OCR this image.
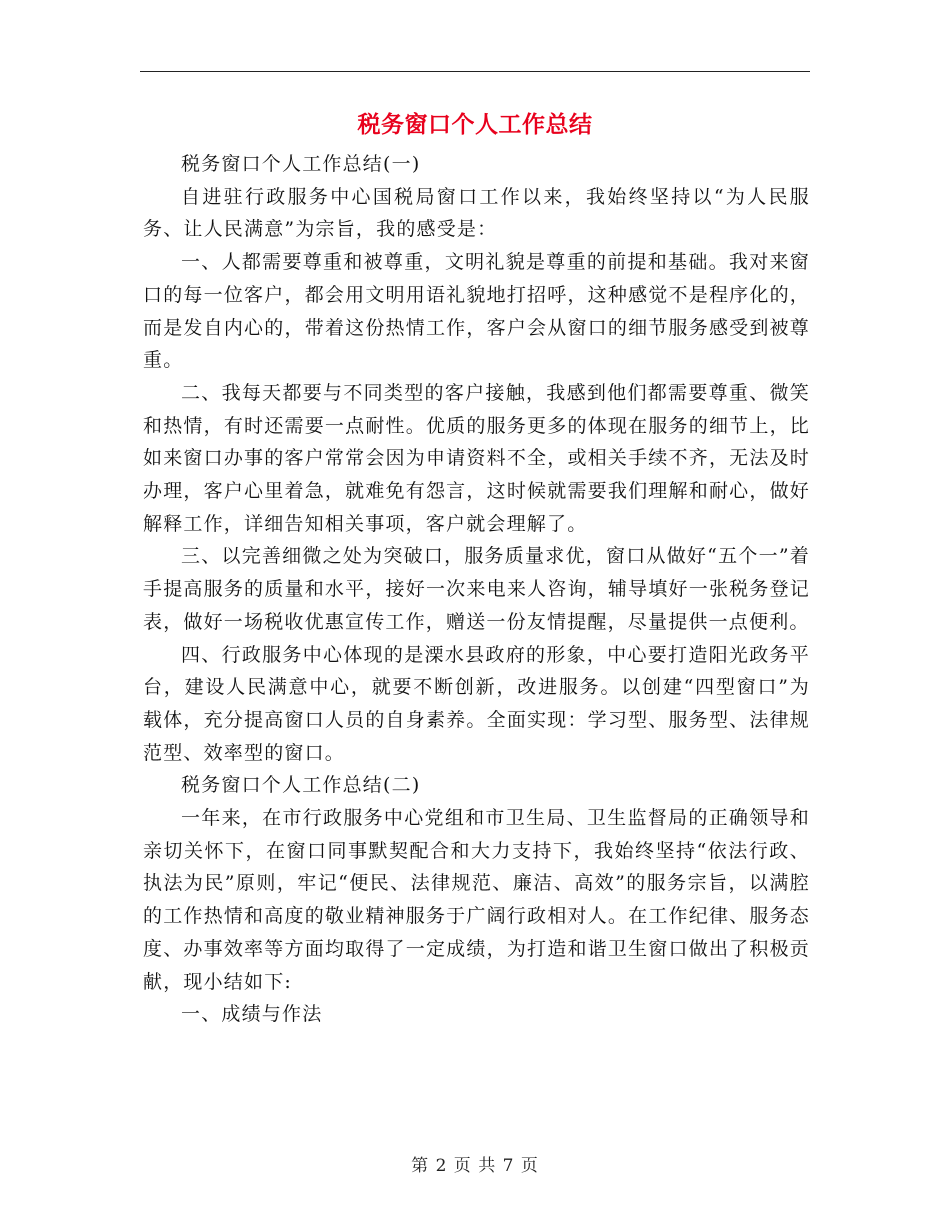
税务窗口个人工作总结

税务窗口个人工作总结(一)

自进驻行政服务中心国税局窗口工作以来，我始终坚持以“为人民服务、让人民满意”为宗旨，我的感受是：

一、人都需要尊重和被尊重，文明礼貌是尊重的前提和基础。我对来窗口的每一位客户，都会用文明用语礼貌地打招呼，这种感觉不是程序化的，而是发自内心的，带着这份热情工作，客户会从窗口的细节服务感受到被尊重。

二、我每天都要与不同类型的客户接触，我感到他们都需要尊重、微笑和热情，有时还需要一点耐性。优质的服务更多的体现在服务的细节上，比如来窗口办事的客户常常会因为申请资料不全，或相关手续不齐，无法及时办理，客户心里着急，就难免有怨言，这时候就需要我们理解和耐心，做好解释工作，详细告知相关事项，客户就会理解了。

三、以完善细微之处为突破口，服务质量求优，窗口从做好“五个一”着手提高服务的质量和水平，接好一次来电来人咨询，辅导填好一张税务登记表，做好一场税收优惠宣传工作，赠送一份友情提醒，尽量提供一点便利。

四、行政服务中心体现的是溧水县政府的形象，中心要打造阳光政务平台，建设人民满意中心，就要不断创新，改进服务。以创建“四型窗口”为载体，充分提高窗口人员的自身素养。全面实现：学习型、服务型、法律规范型、效率型的窗口。

税务窗口个人工作总结(二)

一年来，在市行政服务中心党组和市卫生局、卫生监督局的正确领导和亲切关怀下，在窗口同事默契配合和大力支持下，我始终坚持“依法行政、执法为民”原则，牢记“便民、法律规范、廉洁、高效”的服务宗旨，以满腔的工作热情和高度的敬业精神服务于广阔行政相对人。在工作纪律、服务态度、办事效率等方面均取得了一定成绩，为打造和谐卫生窗口做出了积极贡献，现小结如下:

一、成绩与作法

第 2 页 共 7 页
